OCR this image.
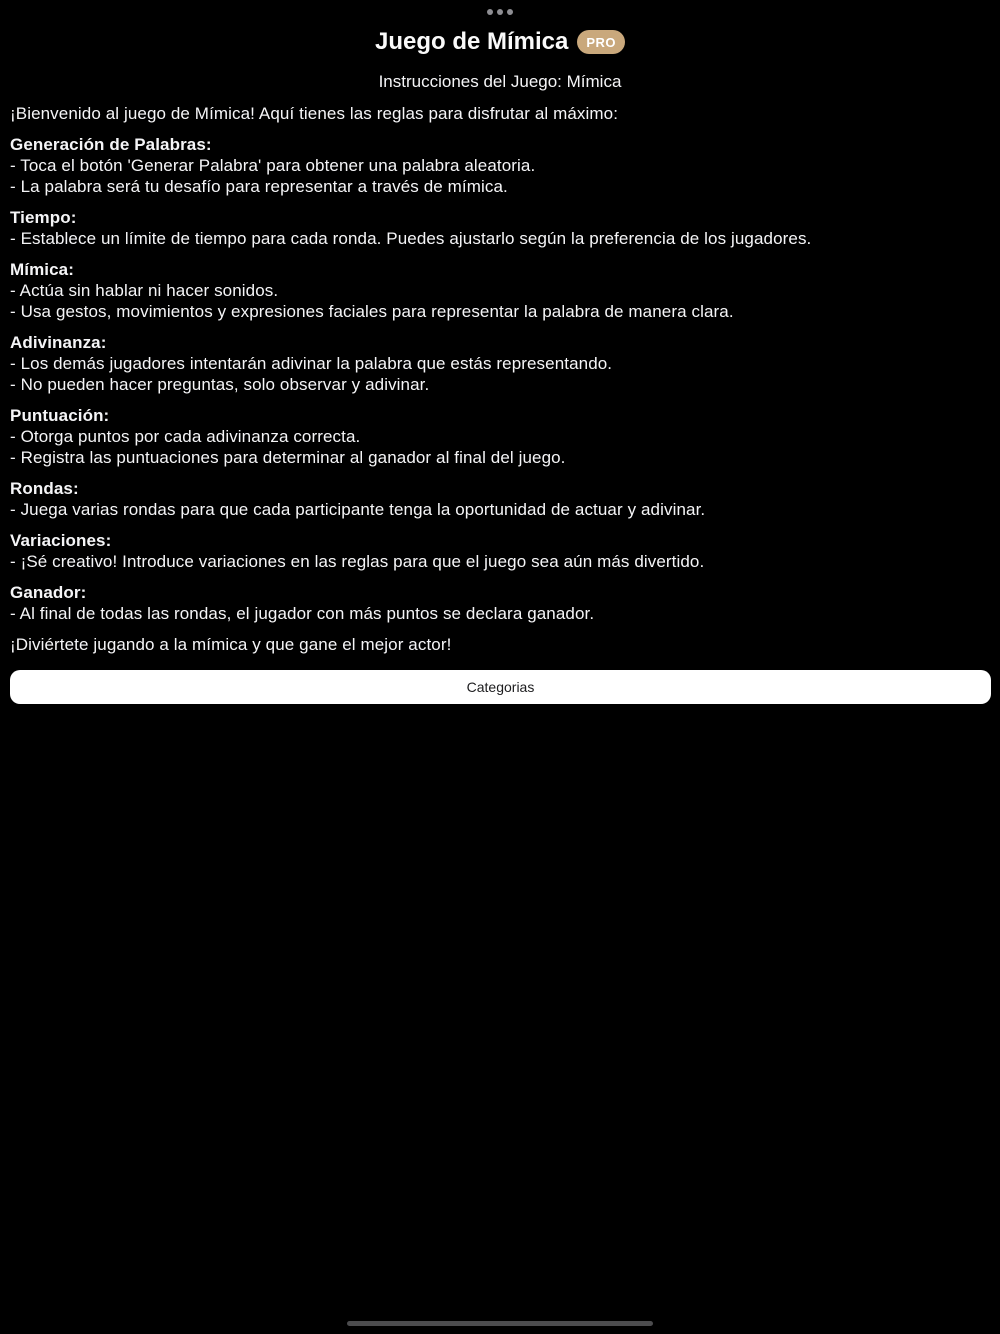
Juego de Mímica	PRO
Instrucciones del Juego: Mímica
¡Bienvenido al juego de Mímica! Aquí tienes las reglas para disfrutar al máximo:
Generación de Palabras:
- Toca el botón 'Generar Palabra' para obtener una palabra aleatoria.
- La palabra será tu desafío para representar a través de mímica.
Tiempo:
- Establece un límite de tiempo para cada ronda. Puedes ajustarlo según la preferencia de los jugadores.
Mímica:
- Actúa sin hablar ni hacer sonidos.
- Usa gestos, movimientos y expresiones faciales para representar la palabra de manera clara.
Adivinanza:
- Los demás jugadores intentarán adivinar la palabra que estás representando.
- No pueden hacer preguntas, solo observar y adivinar.
Puntuación:
- Otorga puntos por cada adivinanza correcta.
- Registra las puntuaciones para determinar al ganador al final del juego.
Rondas:
- Juega varias rondas para que cada participante tenga la oportunidad de actuar y adivinar.
Variaciones:
- ¡Sé creativo! Introduce variaciones en las reglas para que el juego sea aún más divertido.
Ganador:
- Al final de todas las rondas, el jugador con más puntos se declara ganador.
¡Diviértete jugando a la mímica y que gane el mejor actor!
Categorias
